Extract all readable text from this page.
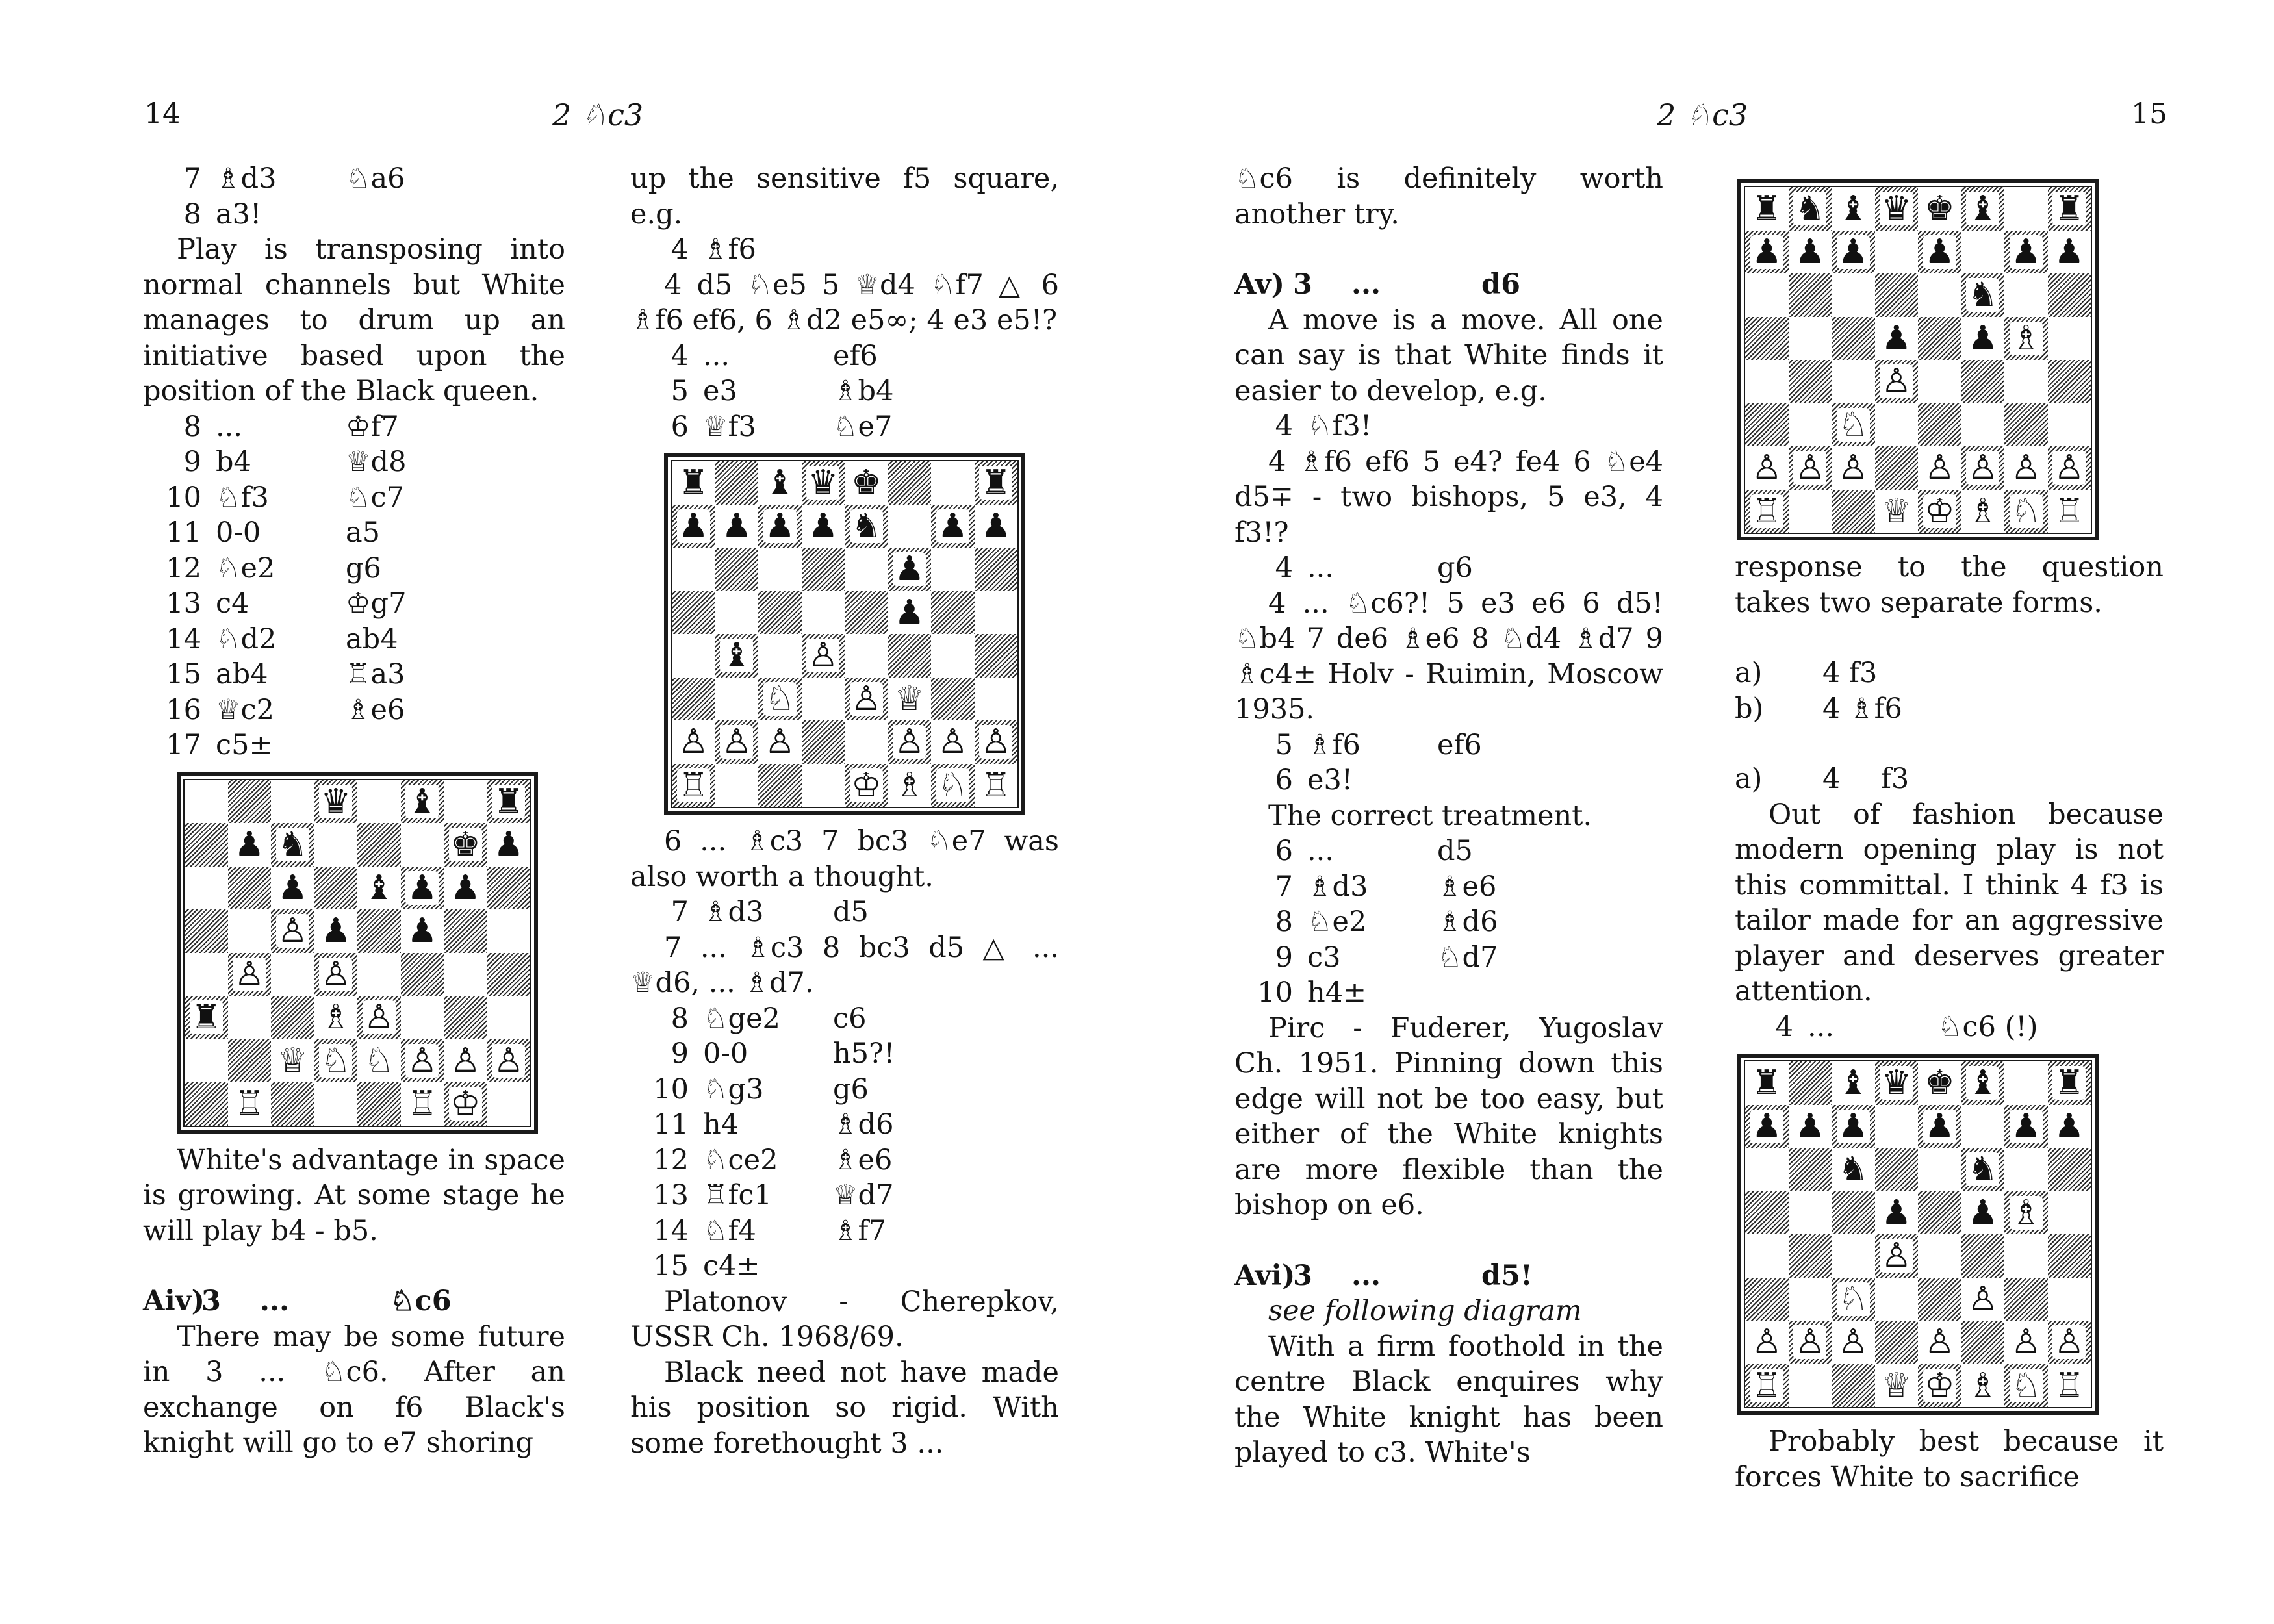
14	2 ♘c3
7 ♗d3	♘a6
8 a3!

Play is transposing into normal channels but White manages to drum up an initiative based upon the position of the Black queen.

8 ...	♔f7
9 b4	♕d8
10 ♘f3	♘c7
11 0-0	a5
12 ♘e2	g6
13 c4	♔g7
14 ♘d2	ab4
15 ab4	♖a3
16 ♕c2	♗e6
17 c5±
♛ ♝ ♜
♟ ♞	♚ ♟
♟ ♝ ♟ ♟
♙ ♟ ♟
♙ ♙
♜	♗ ♙
♕ ♘ ♘ ♙ ♙ ♙
♖	♖ ♔

White's advantage in space is growing. At some stage he will play b4 - b5.

Aiv)
3	...	♘c6

There may be some future in 3 ... ♘c6. After an exchange on f6 Black's knight will go to e7 shoring

up the sensitive f5 square, e.g.

4 ♗f6

4 d5 ♘e5 5 ♕d4 ♘f7 △ 6 ♗f6 ef6, 6 ♗d2 e5∞; 4 e3 e5!?

4 ...	ef6
5 e3	♗b4
6 ♕f3	♘e7
♜ ♝ ♛ ♚	♜
♟ ♟ ♟ ♟ ♞ ♟ ♟
♟
♟
♝ ♙
♘ ♙ ♕
♙ ♙ ♙	♙ ♙ ♙
♖	♔ ♗ ♘ ♖

6 ... ♗c3 7 bc3 ♘e7 was also worth a thought.

7 ♗d3	d5

7 ... ♗c3 8 bc3 d5 △ ... ♕d6, ... ♗d7.

8 ♘ge2	c6
9 0-0	h5?!
10 ♘g3	g6
11 h4	♗d6
12 ♘ce2	♗e6
13 ♖fc1	♕d7
14 ♘f4	♗f7
15 c4±

Platonov - Cherepkov, USSR Ch. 1968/69.

Black need not have made his position so rigid. With some forethought 3 ...

2 ♘c3	15

♘c6 is definitely worth another try.

Av) 3	...	d6

A move is a move. All one can say is that White finds it easier to develop, e.g.

4 ♘f3!

4 ♗f6 ef6 5 e4? fe4 6 ♘e4 d5∓ - two bishops, 5 e3, 4 f3!?

4 ...	g6

4 ... ♘c6?! 5 e3 e6 6 d5! ♘b4 7 de6 ♗e6 8 ♘d4 ♗d7 9 ♗c4± Holv - Ruimin, Moscow 1935.

5 ♗f6	ef6
6 e3!

The correct treatment.

6 ...	d5
7 ♗d3	♗e6
8 ♘e2	♗d6
9 c3	♘d7
10 h4±

Pirc - Fuderer, Yugoslav Ch. 1951. Pinning down this edge will not be too easy, but either of the White knights are more flexible than the bishop on e6.

Avi)
3	...	d5!

see following diagram

With a firm foothold in the centre Black enquires why the White knight has been played to c3. White's

♜ ♞ ♝ ♛ ♚ ♝ ♜
♟ ♟ ♟ ♟ ♟ ♟
♞
♟ ♟ ♗
♙
♘
♙ ♙ ♙ ♙ ♙ ♙ ♙
♖	♕ ♔ ♗ ♘ ♖

response to the question takes two separate forms.

a)	4 f3
b)	4 ♗f6
a)	4	f3

Out of fashion because modern opening play is not this committal. I think 4 f3 is tailor made for an aggressive player and deserves greater attention.

4 ...	♘c6 (!)
♜ ♝ ♛ ♚ ♝ ♜
♟ ♟ ♟ ♟ ♟ ♟
♞	♞
♟ ♟ ♗
♙
♘	♙
♙ ♙ ♙ ♙ ♙ ♙
♖	♕ ♔ ♗ ♘ ♖

Probably best because it forces White to sacrifice
